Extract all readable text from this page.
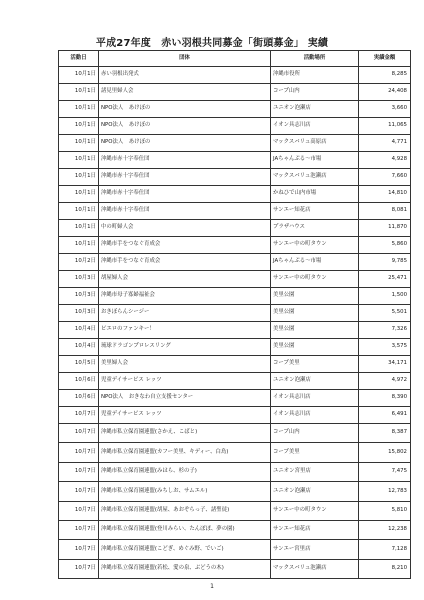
平成27年度　赤い羽根共同募金「街頭募金」 実績
活動日	団体	活動場所	実績金額
10月1日	赤い羽根出発式	沖縄市役所	8,285
10月1日	諸見里婦人会	コープ山内	24,408
10月1日	NPO法人　あけぼの	ユニオン泡瀬店	3,660
10月1日	NPO法人　あけぼの	イオン具志川店	11,065
10月1日	NPO法人　あけぼの	マックスバリュ高原店	4,771
10月1日	沖縄市赤十字奉仕団	JAちゃんぷる～市場	4,928
10月1日	沖縄市赤十字奉仕団	マックスバリュ泡瀬店	7,660
10月1日	沖縄市赤十字奉仕団	かねひで山内市場	14,810
10月1日	沖縄市赤十字奉仕団	サンエー知花店	8,081
10月1日	中の町婦人会	プラザハウス	11,870
10月1日	沖縄市手をつなぐ育成会	サンエー中の町タウン	5,860
10月2日	沖縄市手をつなぐ育成会	JAちゃんぷる～市場	9,785
10月3日	胡屋婦人会	サンエー中の町タウン	25,471
10月3日	沖縄市母子寡婦福祉会	美里公園	1,500
10月3日	おきぼらんシージー	美里公園	5,501
10月4日	ピエロのファンキー！	美里公園	7,326
10月4日	琉球ドラゴンプロレスリング	美里公園	3,575
10月5日	美里婦人会	コープ美里	34,171
10月6日	児童デイサービス レッツ	ユニオン泡瀬店	4,972
10月6日	NPO法人　おきなわ自立支援センター	イオン具志川店	8,390
10月7日	児童デイサービス レッツ	イオン具志川店	6,491
10月7日	沖縄市私立保育園連盟(さかえ、こばと)	コープ山内	8,387
10月7日	沖縄市私立保育園連盟(カフー美里、キディー、白鳥)	コープ美里	15,802
10月7日	沖縄市私立保育園連盟(みはら、杉の子)	ユニオン宮里店	7,475
10月7日	沖縄市私立保育園連盟(みちしお、サムエル)	ユニオン泡瀬店	12,783
10月7日	沖縄市私立保育園連盟(胡屋、あおぞらっ子、諸聖徒)	サンエー中の町タウン	5,810
10月7日	沖縄市私立保育園連盟(登川みらい、たんぽぽ、夢の園)	サンエー知花店	12,238
10月7日	沖縄市私立保育園連盟(こどぎ、めぐみ野、でいご)	サンエー宮里店	7,128
10月7日	沖縄市私立保育園連盟(若松、愛の泉、ぶどうの木)	マックスバリュ泡瀬店	8,210
1
